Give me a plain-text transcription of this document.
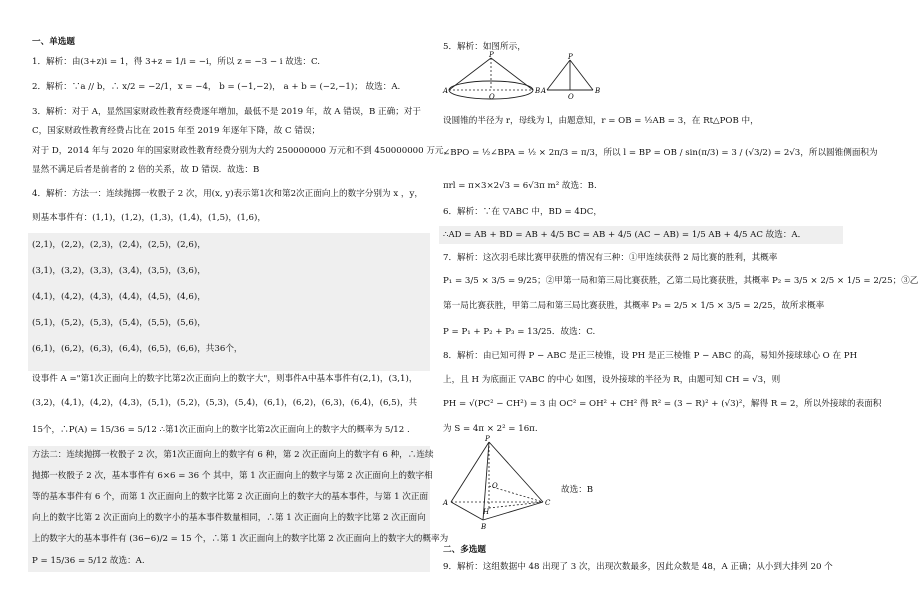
一、单选题
1．解析：由(3+z)i = 1，得 3+z = 1/i = −i，所以 z = −3 − i 故选：C.
2．解析：∵a // b，∴ x/2 = −2/1，x = −4， b = (−1,−2)， a + b = (−2,−1)； 故选：A.
3．解析：对于 A，显然国家财政性教育经费逐年增加，最低不是 2019 年，故 A 错误，B 正确；对于
C，国家财政性教育经费占比在 2015 年至 2019 年逐年下降，故 C 错误；
对于 D，2014 年与 2020 年的国家财政性教育经费分别为大约 250000000 万元和不到 450000000 万元，
显然不满足后者是前者的 2 倍的关系，故 D 错误．故选：B
4．解析：方法一：连续抛掷一枚骰子 2 次，用(x, y)表示第1次和第2次正面向上的数字分别为 x ，y，
则基本事件有：(1,1)，(1,2)，(1,3)，(1,4)，(1,5)，(1,6)，
(2,1)，(2,2)，(2,3)，(2,4)，(2,5)，(2,6)，
(3,1)，(3,2)，(3,3)，(3,4)，(3,5)，(3,6)，
(4,1)，(4,2)，(4,3)，(4,4)，(4,5)，(4,6)，
(5,1)，(5,2)，(5,3)，(5,4)，(5,5)，(5,6)，
(6,1)，(6,2)，(6,3)，(6,4)，(6,5)，(6,6)，共36个，
设事件 A ="第1次正面向上的数字比第2次正面向上的数字大"，则事件A中基本事件有(2,1)，(3,1)，
(3,2)，(4,1)，(4,2)，(4,3)，(5,1)，(5,2)，(5,3)，(5,4)，(6,1)，(6,2)，(6,3)，(6,4)，(6,5)，共
15个，∴P(A) = 15/36 = 5/12 ∴第1次正面向上的数字比第2次正面向上的数字大的概率为 5/12 .
方法二：连续抛掷一枚骰子 2 次，第1次正面向上的数字有 6 种，第 2 次正面向上的数字有 6 种，∴连续
抛掷一枚骰子 2 次，基本事件有 6×6 = 36 个 其中，第 1 次正面向上的数字与第 2 次正面向上的数字相
等的基本事件有 6 个，而第 1 次正面向上的数字比第 2 次正面向上的数字大的基本事件，与第 1 次正面
向上的数字比第 2 次正面向上的数字小的基本事件数量相同，∴第 1 次正面向上的数字比第 2 次正面向
上的数字大的基本事件有 (36−6)/2 = 15 个，∴第 1 次正面向上的数字比第 2 次正面向上的数字大的概率为
P = 15/36 = 5/12 故选：A.
5．解析：如图所示，
P
A
O
B
P
A
O
B
设圆锥的半径为 r，母线为 l，由题意知，r = OB = ½AB = 3，在 Rt△POB 中，
∠BPO = ½∠BPA = ½ × 2π/3 = π/3，所以 l = BP = OB / sin(π/3) = 3 / (√3/2) = 2√3，所以圆锥侧面积为
πrl = π×3×2√3 = 6√3π m² 故选：B.
6．解析：∵在 ▽ABC 中，BD = 4DC，
∴AD = AB + BD = AB + 4/5 BC = AB + 4/5 (AC − AB) = 1/5 AB + 4/5 AC 故选：A．
7．解析：这次羽毛球比赛甲获胜的情况有三种：①甲连续获得 2 局比赛的胜利，其概率
P₁ = 3/5 × 3/5 = 9/25；②甲第一局和第三局比赛获胜，乙第二局比赛获胜，其概率 P₂ = 3/5 × 2/5 × 1/5 = 2/25；③乙
第一局比赛获胜，甲第二局和第三局比赛获胜，其概率 P₃ = 2/5 × 1/5 × 3/5 = 2/25，故所求概率
P = P₁ + P₂ + P₃ = 13/25．故选：C.
8．解析：由已知可得 P − ABC 是正三棱锥，设 PH 是正三棱锥 P − ABC 的高，易知外接球球心 O 在 PH
上，且 H 为底面正 ▽ABC 的中心 如图，设外接球的半径为 R，由题可知 CH = √3，则
PH = √(PC² − CH²) = 3 由 OC² = OH² + CH² 得 R² = (3 − R)² + (√3)²，解得 R = 2，所以外接球的表面积
为 S = 4π × 2² = 16π.
P
O
A
H
C
B
故选：B
二、多选题
9．解析：这组数据中 48 出现了 3 次，出现次数最多，因此众数是 48，A 正确；从小到大排列 20 个
